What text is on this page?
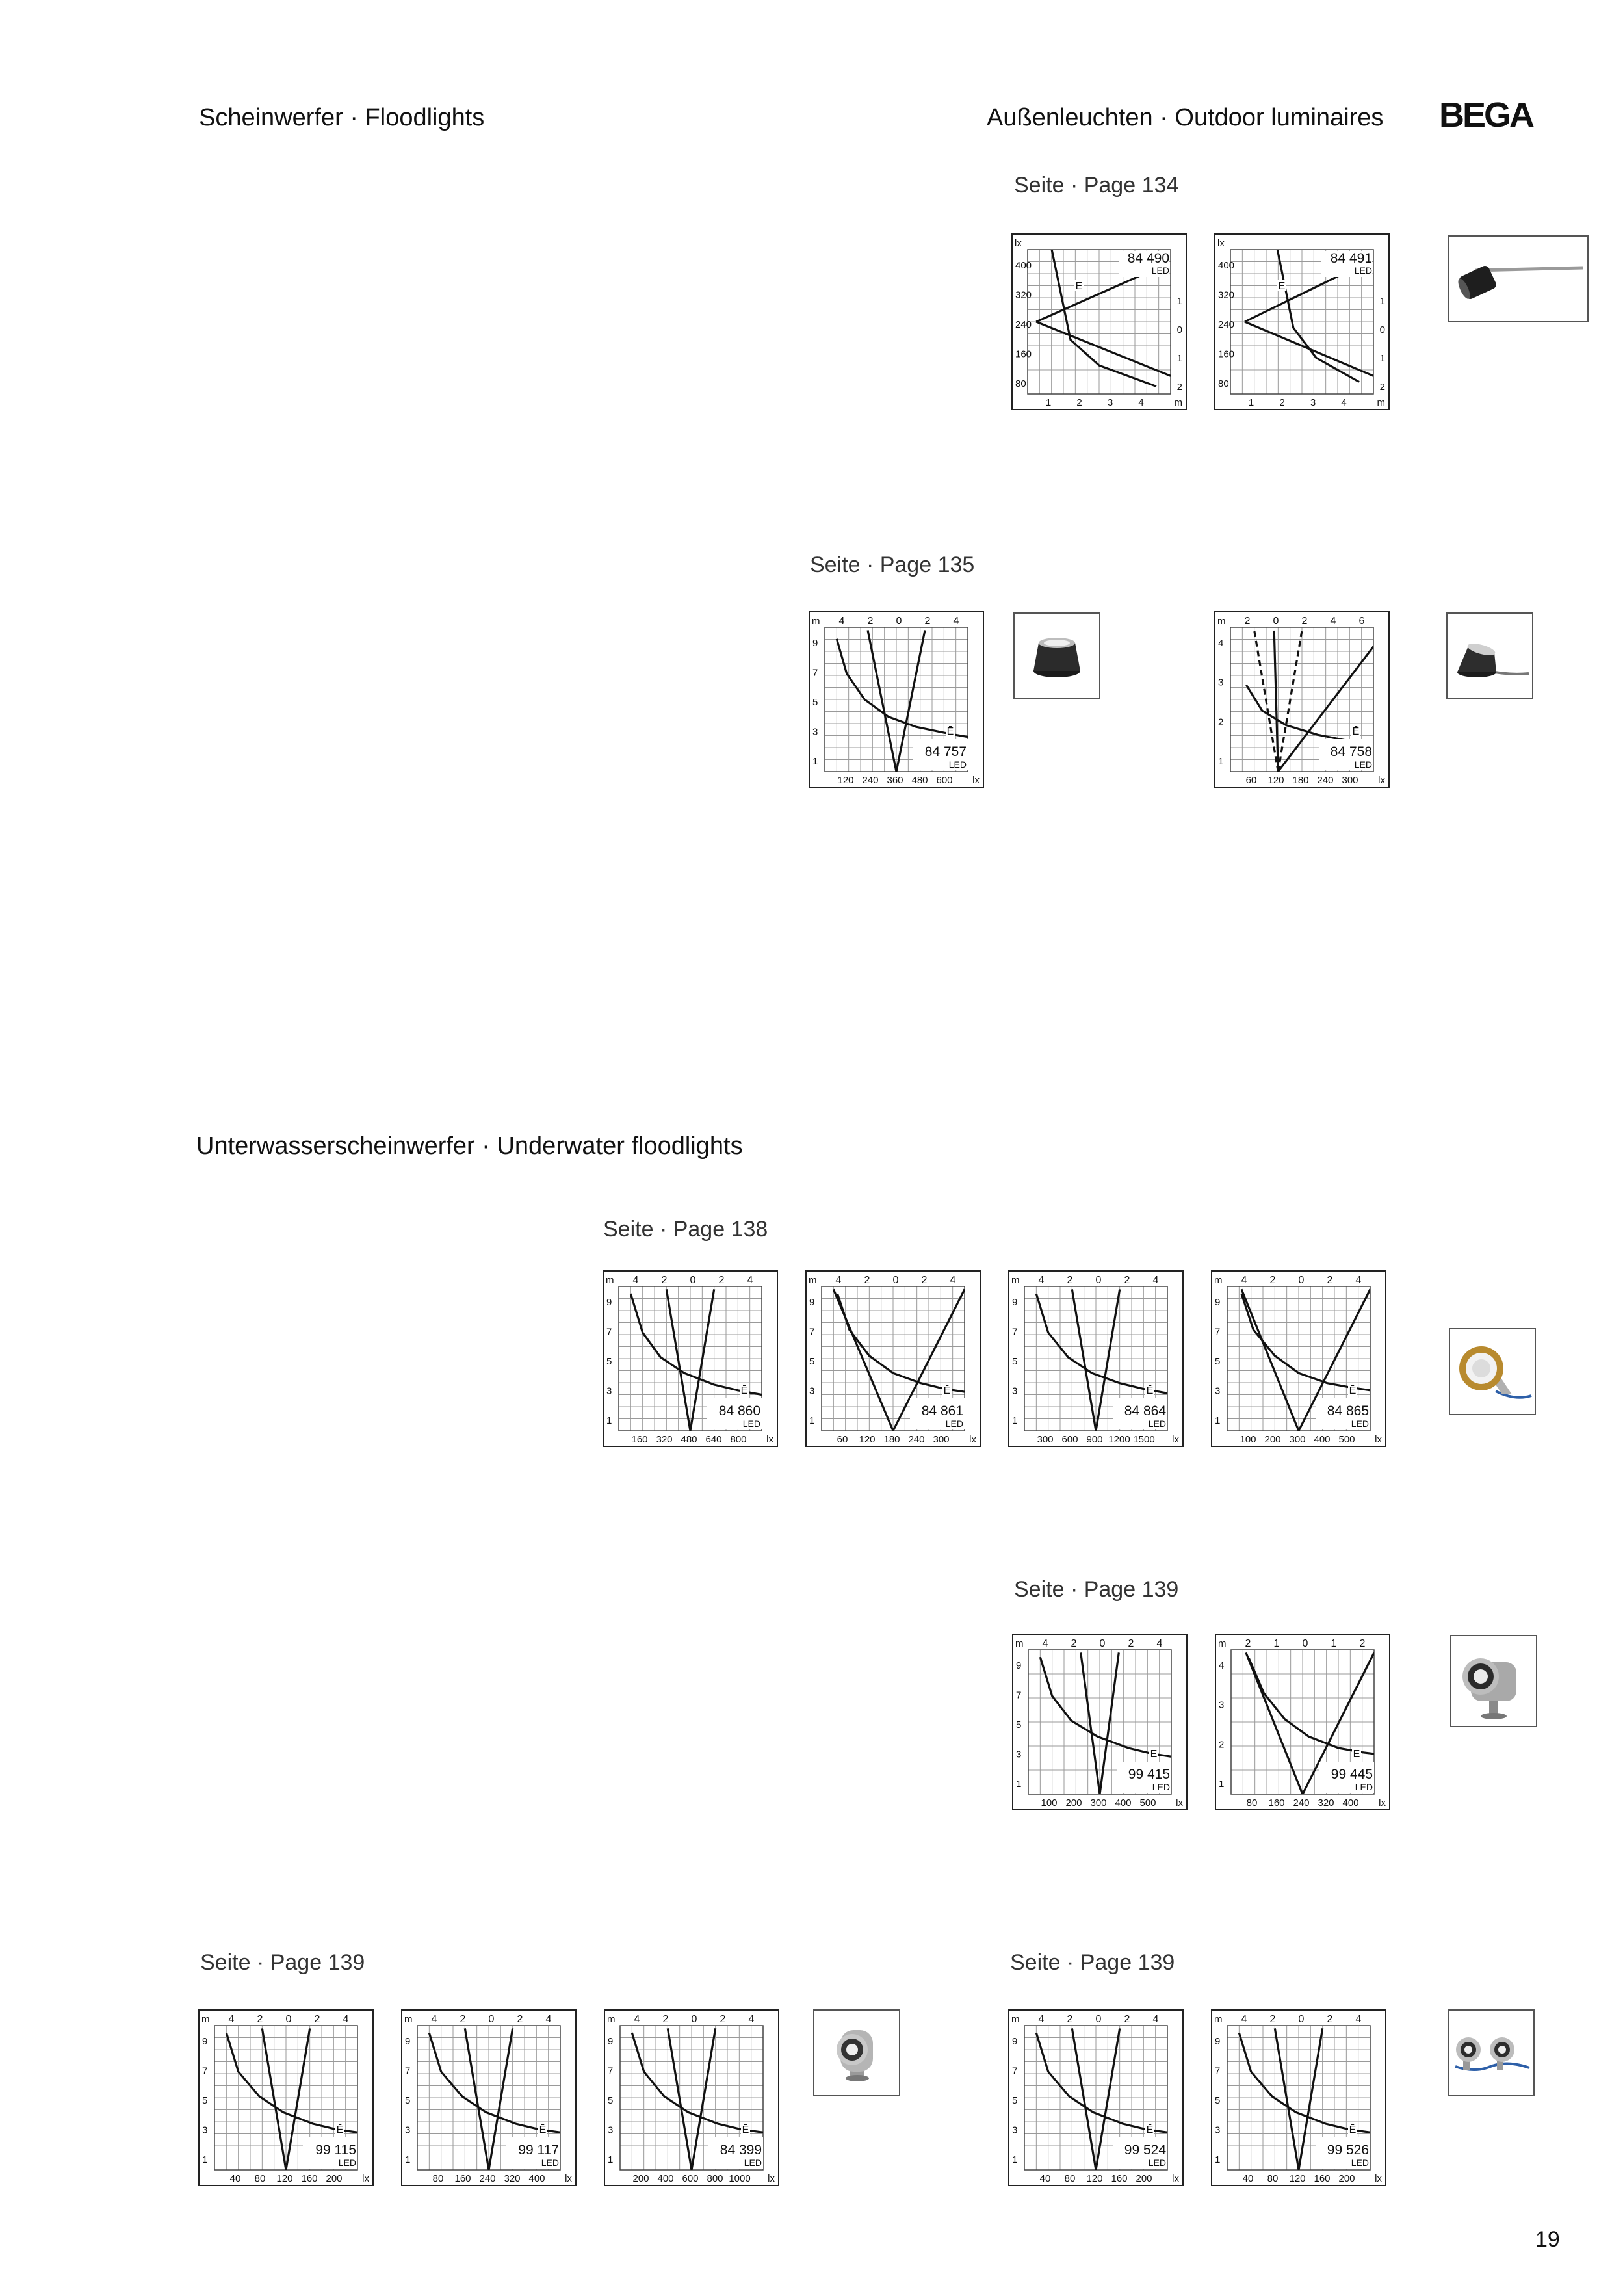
Scheinwerfer · Floodlights	Außenleuchten · Outdoor luminaires BEGA
Seite · Page 134
Seite · Page 135
Unterwasserscheinwerfer · Underwater floodlights
Seite · Page 138
Seite · Page 139
Seite · Page 139	Seite · Page 139
lx
400
320
240
160
80
1
0
1
2
1	2	3	4	m
84 490
LED
Ē
lx
400
320
240
160
80
1
0
1
2
1	2	3	4	m
84 491
LED
Ē
m
9
7
5
3
1
4 2 0 2 4
120 240 360 480 600 lx
84 757
LED
Ē
m
4
3
2
1
2 0 2 4 6
60 120 180 240 300 lx
84 758
LED
Ē
m
9
7
5
3
1
4 2 0 2 4
160 320 480 640 800 lx
84 860
LED
Ē
m
9
7
5
3
1
4 2 0 2 4
60 120 180 240 300 lx
84 861
LED
Ē
m
9
7
5
3
1
4 2 0 2 4
300 600 900 1200 1500 lx
84 864
LED
Ē
m
9
7
5
3
1
4 2 0 2 4
100 200 300 400 500 lx
84 865
LED
Ē
m
9
7
5
3
1
4 2 0 2 4
100 200 300 400 500 lx
99 415
LED
Ē
m
4
3
2
1
2 1 0 1 2
80 160 240 320 400 lx
99 445
LED
Ē
m
9
7
5
3
1
4 2 0 2 4
40 80 120 160 200 lx
99 115
LED
Ē
m
9
7
5
3
1
4 2 0 2 4
80 160 240 320 400 lx
99 117
LED
Ē
m
9
7
5
3
1
4 2 0 2 4
200 400 600 800 1000 lx
84 399
LED
Ē
m
9
7
5
3
1
4 2 0 2 4
40 80 120 160 200 lx
99 524
LED
Ē
m
9
7
5
3
1
4 2 0 2 4
40 80 120 160 200 lx
99 526
LED
Ē
19
